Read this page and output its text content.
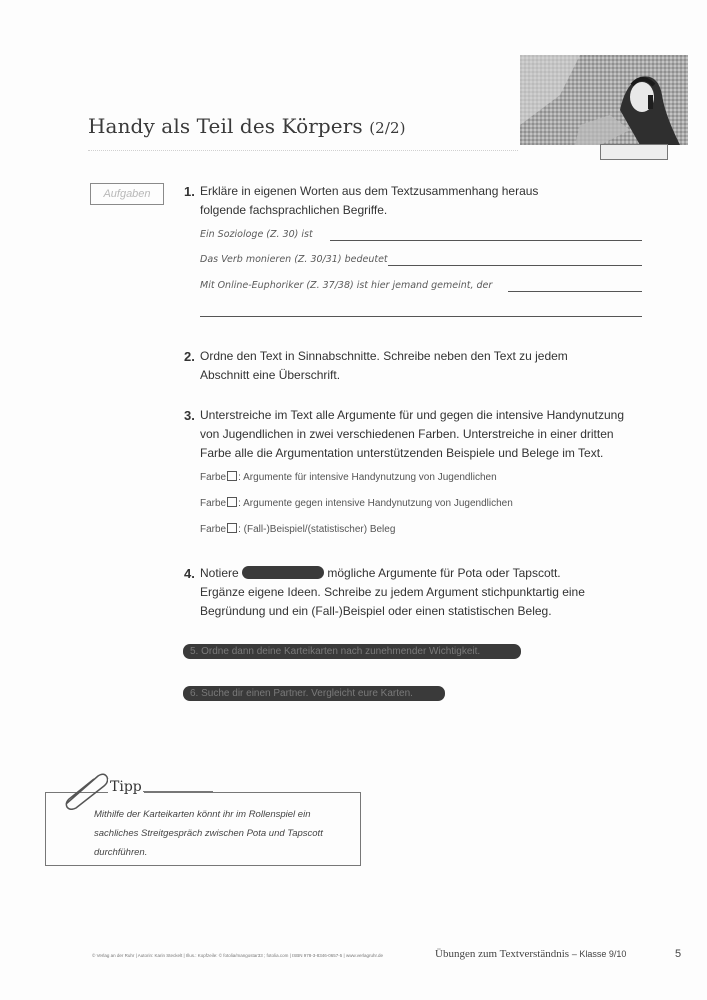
Handy als Teil des Körpers (2/2)
Aufgaben	1. Erkläre in eigenen Worten aus dem Textzusammenhang heraus folgende fachsprachlichen Begriffe.
Ein Soziologe (Z. 30) ist
Das Verb monieren (Z. 30/31) bedeutet
Mit Online-Euphoriker (Z. 37/38) ist hier jemand gemeint, der
2. Ordne den Text in Sinnabschnitte. Schreibe neben den Text zu jedem Abschnitt eine Überschrift.
3. Unterstreiche im Text alle Argumente für und gegen die intensive Handynutzung von Jugendlichen in zwei verschiedenen Farben. Unterstreiche in einer dritten Farbe alle die Argumentation unterstützenden Beispiele und Belege im Text.
Farbe : Argumente für intensive Handynutzung von Jugendlichen
Farbe : Argumente gegen intensive Handynutzung von Jugendlichen
Farbe : (Fall-)Beispiel/(statistischer) Beleg
4. Notiere	mögliche Argumente für Pota oder Tapscott.
Ergänze eigene Ideen. Schreibe zu jedem Argument stichpunktartig eine Begründung und ein (Fall-)Beispiel oder einen statistischen Beleg.
5. Ordne dann deine Karteikarten nach zunehmender Wichtigkeit.
6. Suche dir einen Partner. Vergleicht eure Karten.
Tipp
Mithilfe der Karteikarten könnt ihr im Rollenspiel ein sachliches Streitgespräch zwischen Pota und Tapscott durchführen.
© Verlag an der Ruhr | Autorin: Karin Steckelt | Illus.: Kopfzeile: © fotolia/mangostar33 ; fotolia.com | ISBN 978-3-8346-0657-5 | www.verlagruhr.de	Übungen zum Textverständnis – Klasse 9/10	5
